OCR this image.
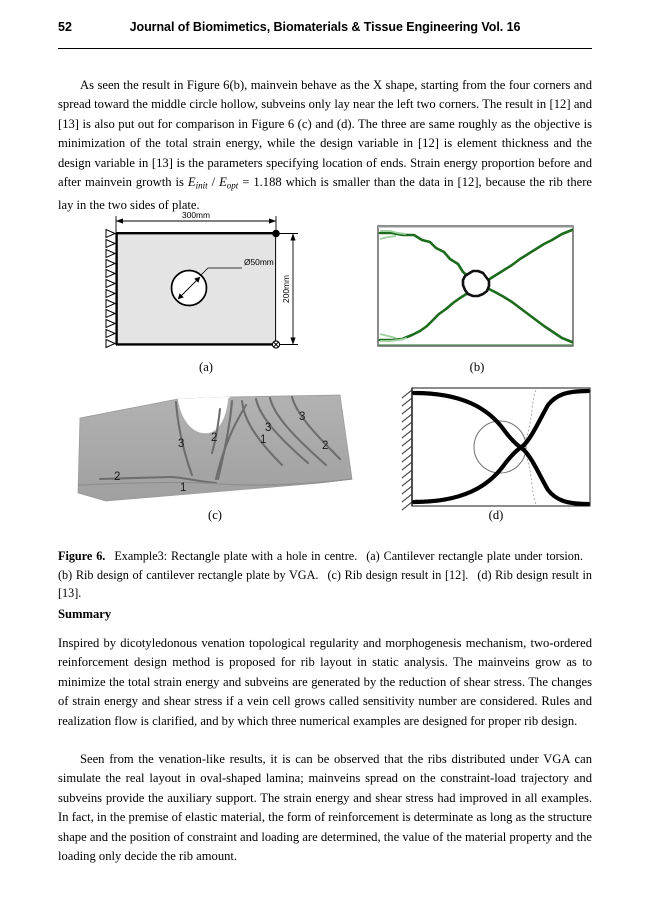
52	Journal of Biomimetics, Biomaterials & Tissue Engineering Vol. 16

As seen the result in Figure 6(b), mainvein behave as the X shape, starting from the four corners and spread toward the middle circle hollow, subveins only lay near the left two corners. The result in [12] and [13] is also put out for comparison in Figure 6 (c) and (d). The three are same roughly as the objective is minimization of the total strain energy, while the design variable in [12] is element thickness and the design variable in [13] is the parameters specifying location of ends. Strain energy proportion before and after mainvein growth is $E_{init} / E_{opt} = 1.188$ which is smaller than the data in [12], because the rib there lay in the two sides of plate.

300mm
200mm
Ø50mm
(a)	(b)
3 2
3
1
3
2
2
1
(c)	(d)
Figure 6. Example3: Rectangle plate with a hole in centre. (a) Cantilever rectangle plate under torsion.(b) Rib design of cantilever rectangle plate by VGA. (c) Rib design result in [12]. (d) Rib design result in [13].
Summary

Inspired by dicotyledonous venation topological regularity and morphogenesis mechanism, two-ordered reinforcement design method is proposed for rib layout in static analysis. The mainveins grow as to minimize the total strain energy and subveins are generated by the reduction of shear stress. The changes of strain energy and shear stress if a vein cell grows called sensitivity number are considered. Rules and realization flow is clarified, and by which three numerical examples are designed for proper rib design.

Seen from the venation-like results, it is can be observed that the ribs distributed under VGA can simulate the real layout in oval-shaped lamina; mainveins spread on the constraint-load trajectory and subveins provide the auxiliary support. The strain energy and shear stress had improved in all examples. In fact, in the premise of elastic material, the form of reinforcement is determinate as long as the structure shape and the position of constraint and loading are determined, the value of the material property and the loading only decide the rib amount.
